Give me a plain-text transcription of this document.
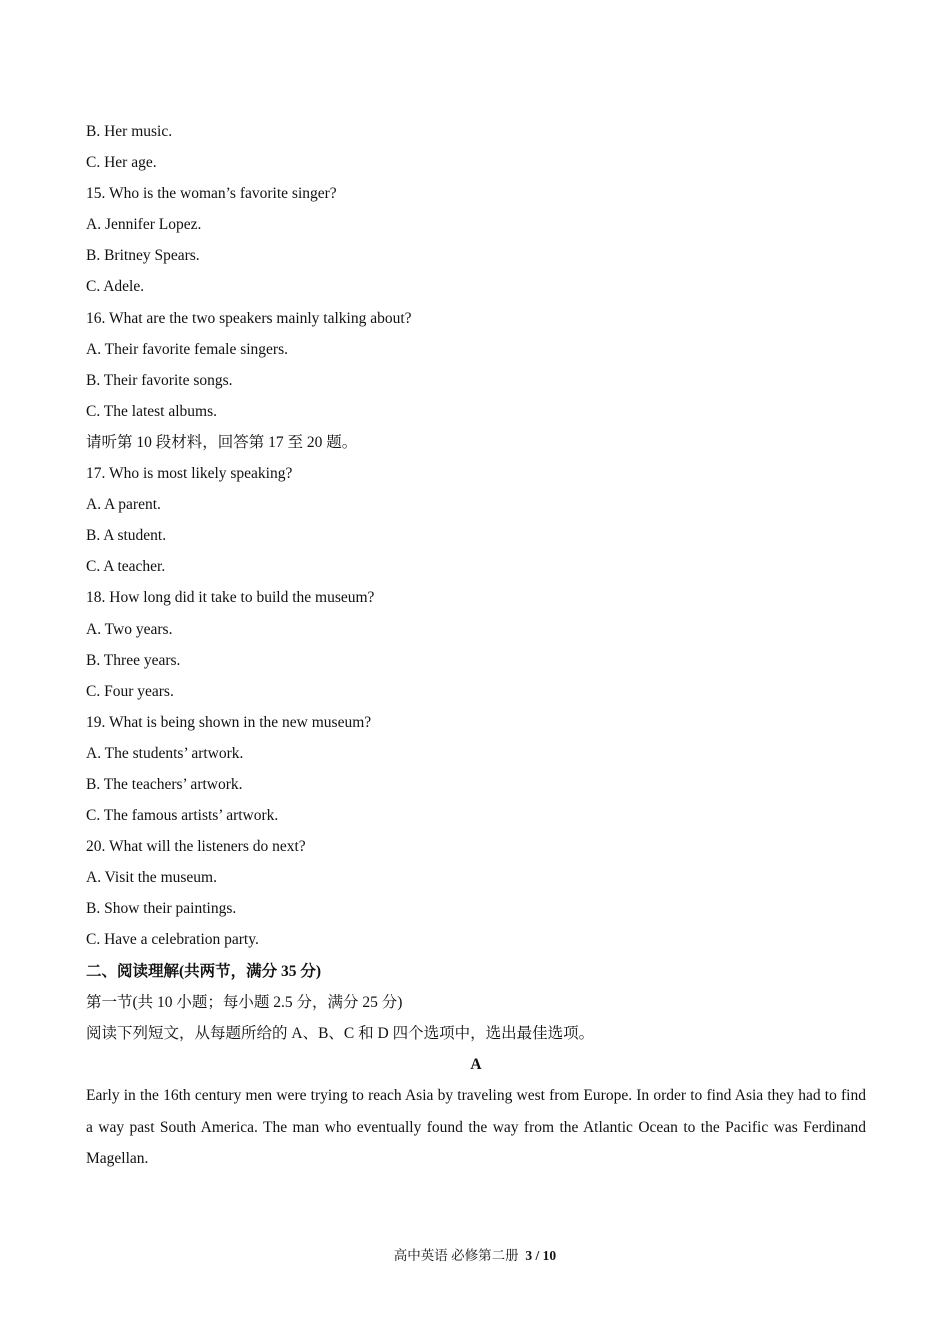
B. Her music.
C. Her age.
15. Who is the woman’s favorite singer?
A. Jennifer Lopez.
B. Britney Spears.
C. Adele.
16. What are the two speakers mainly talking about?
A. Their favorite female singers.
B. Their favorite songs.
C. The latest albums.
请听第 10 段材料，回答第 17 至 20 题。
17. Who is most likely speaking?
A. A parent.
B. A student.
C. A teacher.
18. How long did it take to build the museum?
A. Two years.
B. Three years.
C. Four years.
19. What is being shown in the new museum?
A. The students’ artwork.
B. The teachers’ artwork.
C. The famous artists’ artwork.
20. What will the listeners do next?
A. Visit the museum.
B. Show their paintings.
C. Have a celebration party.
二、阅读理解(共两节，满分 35 分)
第一节(共 10 小题；每小题 2.5 分，满分 25 分)
阅读下列短文，从每题所给的 A、B、C 和 D 四个选项中，选出最佳选项。
A

Early in the 16th century men were trying to reach Asia by traveling west from Europe. In order to find Asia they had to find a way past South America. The man who eventually found the way from the Atlantic Ocean to the Pacific was Ferdinand Magellan.

高中英语 必修第二册 3 / 10
